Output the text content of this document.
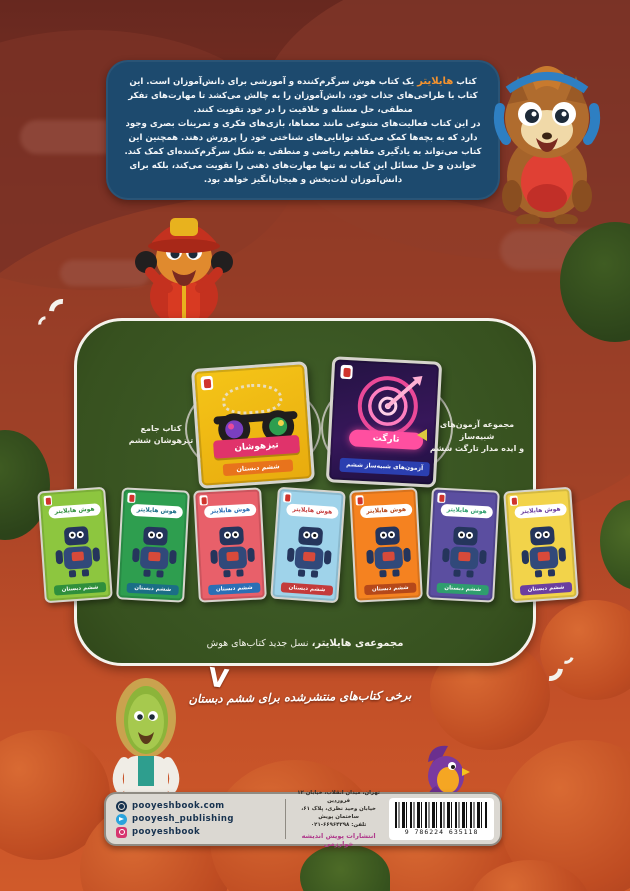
کتاب هایلایتر یک کتاب هوش سرگرم‌کننده و آموزشی برای دانش‌آموزان است. این کتاب با طراحی‌های جذاب خود، دانش‌آموزان را به چالش می‌کشد تا مهارت‌های تفکر منطقی، حل مسئله و خلاقیت را در خود تقویت کنند.

در این کتاب فعالیت‌های متنوعی مانند معماها، بازی‌های فکری و تمرینات بصری وجود دارد که به بچه‌ها کمک می‌کند توانایی‌های شناختی خود را پرورش دهند. همچنین این کتاب می‌تواند به یادگیری مفاهیم ریاضی و منطقی به شکل سرگرم‌کننده‌ای کمک کند. خواندن و حل مسائل این کتاب نه تنها مهارت‌های ذهنی را تقویت می‌کند، بلکه برای دانش‌آموزان لذت‌بخش و هیجان‌انگیز خواهد بود.

کتاب جامع
تیزهوشان ششم	تیزهوشان
ششم دبستان
تارگت
آزمون‌های شبیه‌ساز ششم
مجموعه آزمون‌های شبیه‌ساز
و ایده مدار تارگت ششم
هوش هایلایتر
ششم دبستان
هوش هایلایتر
ششم دبستان
هوش هایلایتر
ششم دبستان
هوش هایلایتر
ششم دبستان
هوش هایلایتر
ششم دبستان
هوش هایلایتر
ششم دبستان
هوش هایلایتر
ششم دبستان
مجموعه‌ی هایلایتر، نسل جدید کتاب‌های هوش
V
برخی کتاب‌های منتشرشده برای ششم دبستان
pooyeshbook.com
pooyesh_publishing
pooyeshbook
تهران، میدان انقلاب، خیابان ۱۲ فروردین
خیابان وحید نظری، پلاک ۶۱، ساختمان پویش
تلفن: ۶۶۹۶۴۲۹۸-۰۲۱
انتشارات پویش اندیشه خوارزمی
9 786224 635118
